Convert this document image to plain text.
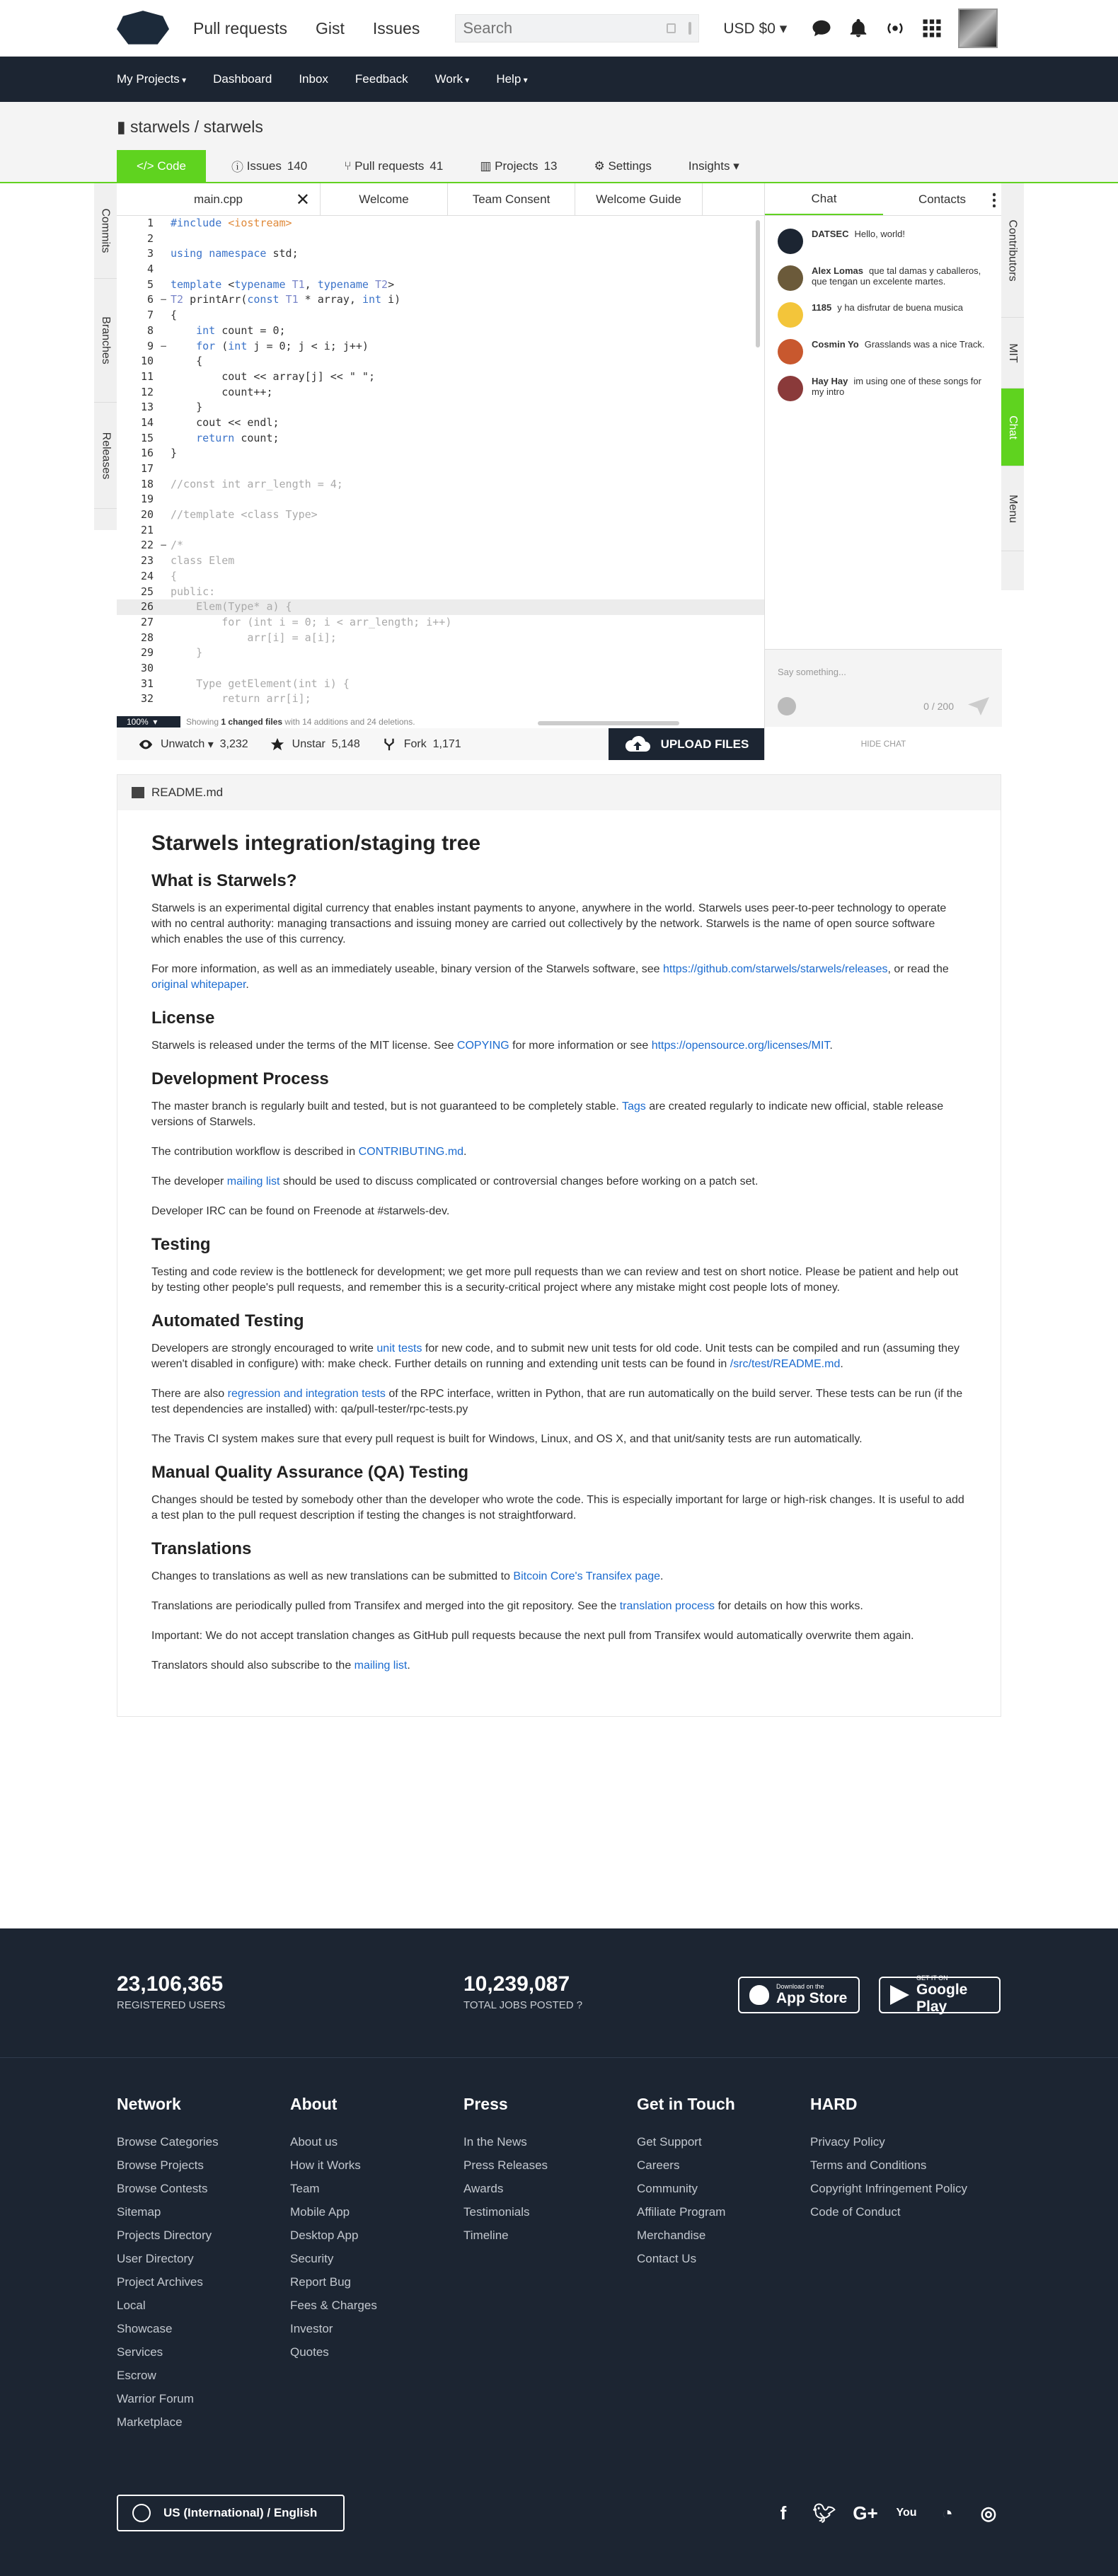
Pull requests Gist Issues
Search	USD $0 ▾
My Projects ▾	Dashboard Inbox Feedback Work ▾	Help ▾
▮ starwels / starwels
</> Code	ⓘ Issues 140	⑂ Pull requests 41	▥ Projects 13	⚙ Settings	Insights ▾
Commits
Branches
Releases
main.cpp	✕	Welcome	Team Consent	Welcome Guide
1 #include <iostream>
2

3 using namespace std;
4

5 template <typename T1, typename T2>
6 − T2 printArr(const T1 * array, int i)
7 {
8	int count = 0;
9 −	for (int j = 0; j < i; j++)
10 {
11 cout << array[j] << " ";
12 count++;
13 }
14 cout << endl;
15	return count;
16 }
17

18 //const int arr_length = 4;
19
20 //template <class Type>
21
22 − /*
23 class Elem
24 {
25 public:
26 Elem(Type* a) {
27 for (int i = 0; i < arr_length; i++)
28 arr[i] = a[i];
29 }
30
31 Type getElement(int i) {
32 return arr[i];
100% ▾	Showing
1 changed files
with 14 additions and 24 deletions.
Unwatch ▾ 3,232	Unstar
5,148	Fork
1,171	UPLOAD FILES
Chat	Contacts
DATSEC Hello, world!
Alex Lomas que tal damas y caballeros, que tengan un excelente martes.
1185 y ha disfrutar de buena musica
Cosmin Yo Grasslands was a nice Track.
Hay Hay im using one of these songs for my intro
Say something...
0 / 200
HIDE CHAT
Contributors
MIT
Chat
Menu
README.md
Starwels integration/staging tree
What is Starwels?

Starwels is an experimental digital currency that enables instant payments to anyone, anywhere in the world. Starwels uses peer-to-peer technology to operate with no central authority: managing transactions and issuing money are carried out collectively by the network. Starwels is the name of open source software which enables the use of this currency.

For more information, as well as an immediately useable, binary version of the Starwels software, see https://github.com/starwels/starwels/releases, or read the original whitepaper.

License

Starwels is released under the terms of the MIT license. See COPYING for more information or see https://opensource.org/licenses/MIT.

Development Process

The master branch is regularly built and tested, but is not guaranteed to be completely stable. Tags are created regularly to indicate new official, stable release versions of Starwels.

The contribution workflow is described in CONTRIBUTING.md.

The developer mailing list should be used to discuss complicated or controversial changes before working on a patch set.

Developer IRC can be found on Freenode at #starwels-dev.

Testing

Testing and code review is the bottleneck for development; we get more pull requests than we can review and test on short notice. Please be patient and help out by testing other people's pull requests, and remember this is a security-critical project where any mistake might cost people lots of money.

Automated Testing

Developers are strongly encouraged to write unit tests for new code, and to submit new unit tests for old code. Unit tests can be compiled and run (assuming they weren't disabled in configure) with: make check. Further details on running and extending unit tests can be found in /src/test/README.md.

There are also regression and integration tests of the RPC interface, written in Python, that are run automatically on the build server. These tests can be run (if the test dependencies are installed) with: qa/pull-tester/rpc-tests.py

The Travis CI system makes sure that every pull request is built for Windows, Linux, and OS X, and that unit/sanity tests are run automatically.

Manual Quality Assurance (QA) Testing

Changes should be tested by somebody other than the developer who wrote the code. This is especially important for large or high-risk changes. It is useful to add a test plan to the pull request description if testing the changes is not straightforward.

Translations

Changes to translations as well as new translations can be submitted to Bitcoin Core's Transifex page.

Translations are periodically pulled from Transifex and merged into the git repository. See the translation process for details on how this works.

Important: We do not accept translation changes as GitHub pull requests because the next pull from Transifex would automatically overwrite them again.

Translators should also subscribe to the mailing list.

23,106,365
REGISTERED USERS
10,239,087
TOTAL JOBS POSTED ?
Download on the
App Store
GET IT ON
Google Play
Network
Browse Categories
Browse Projects
Browse Contests
Sitemap
Projects Directory
User Directory
Project Archives
Local
Showcase
Services
Escrow
Warrior Forum
Marketplace
About
About us
How it Works
Team
Mobile App
Desktop App
Security
Report Bug
Fees & Charges
Investor
Quotes
Press
In the News
Press Releases
Awards
Testimonials
Timeline
Get in Touch
Get Support
Careers
Community
Affiliate Program
Merchandise
Contact Us
HARD
Privacy Policy
Terms and Conditions
Copyright Infringement Policy
Code of Conduct
US (International) / English	f	🐦︎ G+ You	◔	◎
